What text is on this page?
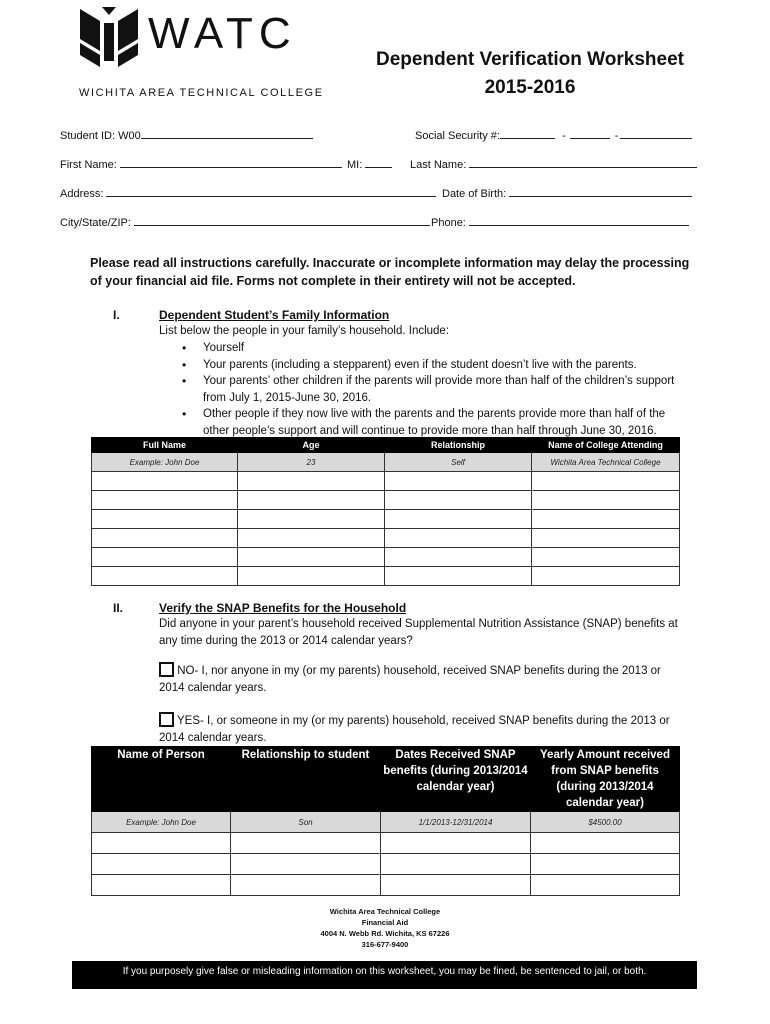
WATC
WICHITA AREA TECHNICAL COLLEGE
Dependent Verification Worksheet
2015-2016
Student ID: W00	Social Security #:	-	-
First Name:	MI:	Last Name:
Address:	Date of Birth:
City/State/ZIP:	Phone:
Please read all instructions carefully. Inaccurate or incomplete information may delay the processing of your financial aid file. Forms not complete in their entirety will not be accepted.
I.	Dependent Student’s Family Information
List below the people in your family’s household. Include:
• Yourself
• Your parents (including a stepparent) even if the student doesn’t live with the parents.
• Your parents’ other children if the parents will provide more than half of the children’s support from July 1, 2015-June 30, 2016.
• Other people if they now live with the parents and the parents provide more than half of the other people’s support and will continue to provide more than half through June 30, 2016.
Full Name	Age	Relationship	Name of College Attending
Example: John Doe	23	Self	Wichita Area Technical College

II.	Verify the SNAP Benefits for the Household
Did anyone in your parent’s household received Supplemental Nutrition Assistance (SNAP) benefits at any time during the 2013 or 2014 calendar years?
NO- I, nor anyone in my (or my parents) household, received SNAP benefits during the 2013 or 2014 calendar years.
YES- I, or someone in my (or my parents) household, received SNAP benefits during the 2013 or 2014 calendar years.
Name of Person	Relationship to student	Dates Received SNAP benefits (during 2013/2014 calendar year)	Yearly Amount received from SNAP benefits (during 2013/2014 calendar year)
Example: John Doe	Son	1/1/2013-12/31/2014	$4500.00

Wichita Area Technical College
Financial Aid
4004 N. Webb Rd. Wichita, KS 67226
316-677-9400
If you purposely give false or misleading information on this worksheet, you may be fined, be sentenced to jail, or both.
